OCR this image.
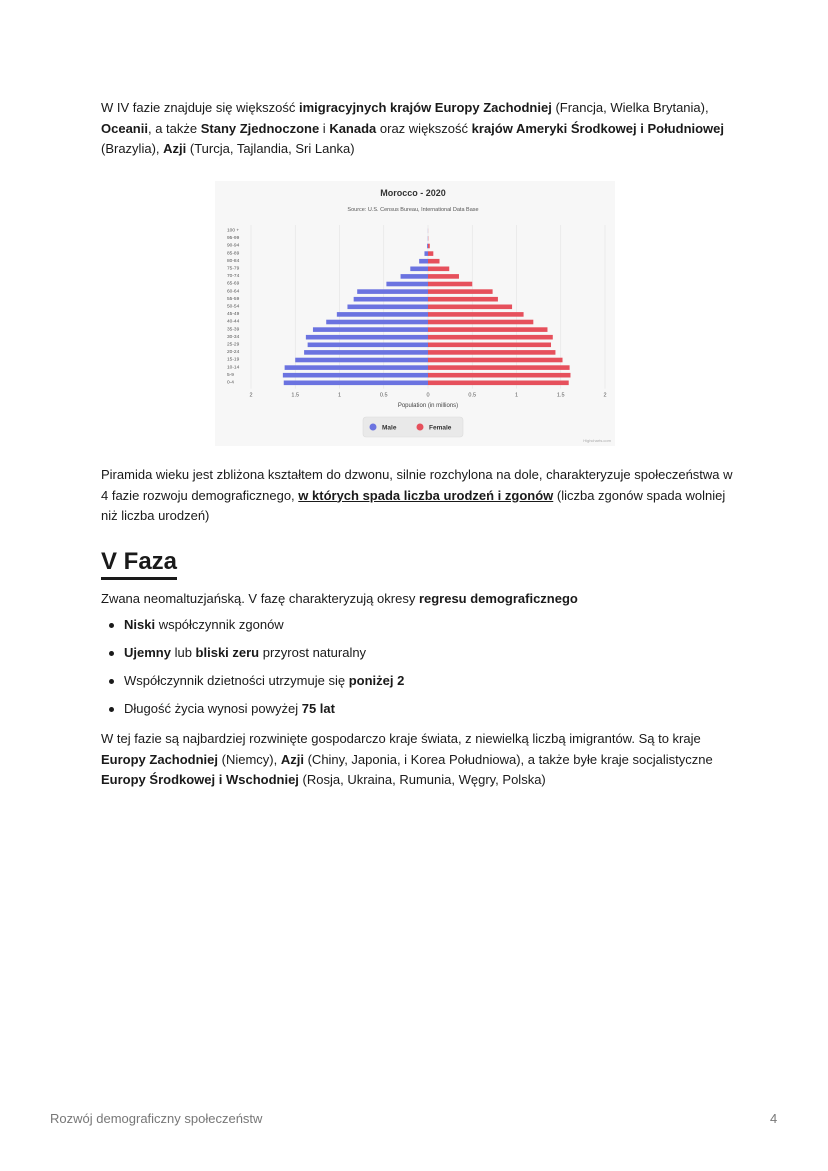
W IV fazie znajduje się większość imigracyjnych krajów Europy Zachodniej (Francja, Wielka Brytania),
Oceanii, a także Stany Zjednoczone i Kanada oraz większość krajów Ameryki Środkowej i Południowej (Brazylia), Azji (Turcja, Tajlandia, Sri Lanka)
Morocco - 2020
Source: U.S. Census Bureau, International Data Base
100 +
95-99
90-94
85-89
80-84
75-79
70-74
65-69
60-64
55-59
50-54
45-49
40-44
35-39
30-34
25-29
20-24
15-19
10-14
5-9
0-4
2	1.5	1	0.5	0	0.5	1	1.5	2
Population (in millions)
Male	Female
Highcharts.com
Piramida wieku jest zbliżona kształtem do dzwonu, silnie rozchylona na dole, charakteryzuje społeczeństwa w 4 fazie rozwoju demograficznego, w których spada liczba urodzeń i zgonów (liczba zgonów spada wolniej niż liczba urodzeń)
V Faza
Zwana neomaltuzjańską. V fazę charakteryzują okresy regresu demograficznego
Niski współczynnik zgonów
Ujemny lub bliski zeru przyrost naturalny
Współczynnik dzietności utrzymuje się poniżej 2
Długość życia wynosi powyżej 75 lat
W tej fazie są najbardziej rozwinięte gospodarczo kraje świata, z niewielką liczbą imigrantów. Są to kraje Europy Zachodniej (Niemcy), Azji (Chiny, Japonia, i Korea Południowa), a także byłe kraje socjalistyczne Europy Środkowej i Wschodniej (Rosja, Ukraina, Rumunia, Węgry, Polska)
Rozwój demograficzny społeczeństw	4
